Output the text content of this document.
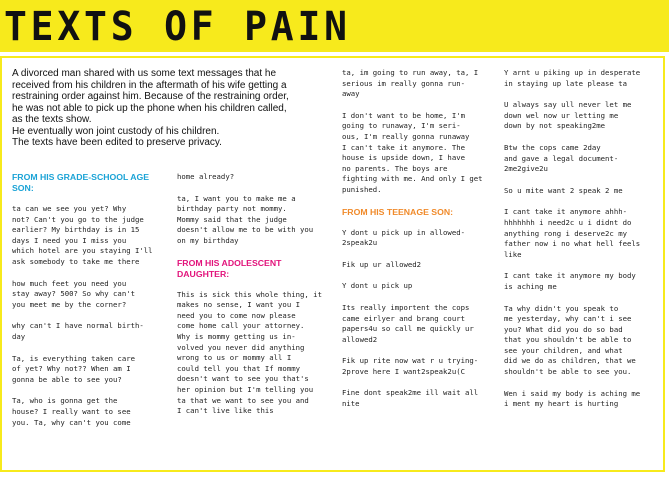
TEXTS OF PAIN

A divorced man shared with us some text messages that he

received from his children in the aftermath of his wife getting a

restraining order against him. Because of the restraining order,

he was not able to pick up the phone when his children called,

as the texts show.

He eventually won joint custody of his children.

The texts have been edited to preserve privacy.

FROM HIS GRADE-SCHOOL AGE SON:

ta can we see you yet? Why
not? Can't you go to the judge
earlier? My birthday is in 15
days I need you I miss you
which hotel are you staying I'll
ask somebody to take me there

how much feet you need you
stay away? 500? So why can't
you meet me by the corner?

why can't I have normal birth-
day

Ta, is everything taken care
of yet? Why not?? When am I
gonna be able to see you?

Ta, who is gonna get the
house? I really want to see
you. Ta, why can't you come

home already?

ta, I want you to make me a
birthday party not mommy.
Mommy said that the judge
doesn't allow me to be with you
on my birthday

FROM HIS ADOLESCENT DAUGHTER:

This is sick this whole thing, it
makes no sense, I want you I
need you to come now please
come home call your attorney.
Why is mommy getting us in-
volved you never did anything
wrong to us or mommy all I
could tell you that If mommy
doesn't want to see you that's
her opinion but I'm telling you
ta that we want to see you and
I can't live like this

ta, im going to run away, ta, I
serious im really gonna run-
away

I don't want to be home, I'm
going to runaway, I'm seri-
ous, I'm really gonna runaway
I can't take it anymore. The
house is upside down, I have
no parents. The boys are
fighting with me. And only I get
punished.

FROM HIS TEENAGE SON:

Y dont u pick up in allowed-
2speak2u

Fik up ur allowed2

Y dont u pick up

Its really importent the cops
came eirlyer and brang court
papers4u so call me quickly ur
allowed2

Fik up rite now wat r u trying-
2prove here I want2speak2u(C

Fine dont speak2me ill wait all
nite

Y arnt u piking up in desperate
in staying up late please ta

U always say ull never let me
down wel now ur letting me
down by not speaking2me

Btw the cops came 2day
and gave a legal document-
2me2give2u

So u mite want 2 speak 2 me

I cant take it anymore ahhh-
hhhhhhh i need2c u i didnt do
anything rong i deserve2c my
father now i no what hell feels
like

I cant take it anymore my body
is aching me

Ta why didn't you speak to
me yesterday, why can't i see
you? What did you do so bad
that you shouldn't be able to
see your children, and what
did we do as children, that we
shouldn't be able to see you.

Wen i said my body is aching me
i ment my heart is hurting
